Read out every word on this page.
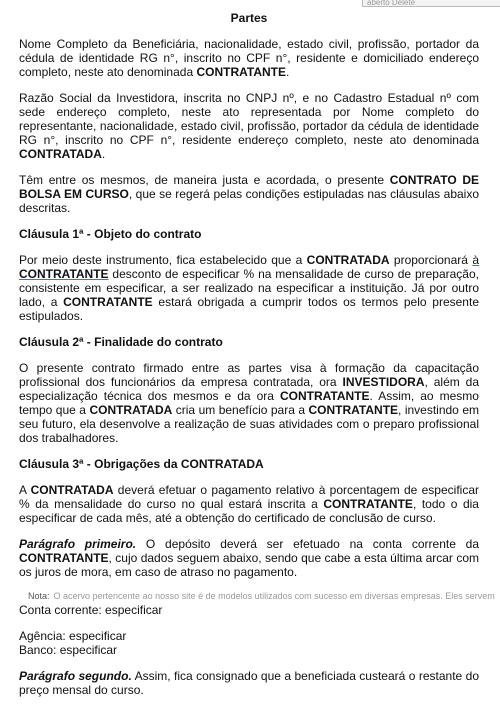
aberto Delete
Partes

Nome Completo da Beneficiária, nacionalidade, estado civil, profissão, portador da cédula de identidade RG n°, inscrito no CPF n°, residente e domiciliado endereço completo, neste ato denominada CONTRATANTE.

Razão Social da Investidora, inscrita no CNPJ nº, e no Cadastro Estadual nº com sede endereço completo, neste ato representada por Nome completo do representante, nacionalidade, estado civil, profissão, portador da cédula de identidade RG n°, inscrito no CPF n°, residente endereço completo, neste ato denominada CONTRATADA.

Têm entre os mesmos, de maneira justa e acordada, o presente CONTRATO DE BOLSA EM CURSO, que se regerá pelas condições estipuladas nas cláusulas abaixo descritas.

Cláusula 1ª - Objeto do contrato

Por meio deste instrumento, fica estabelecido que a CONTRATADA proporcionará à CONTRATANTE desconto de especificar % na mensalidade de curso de preparação, consistente em especificar, a ser realizado na especificar a instituição. Já por outro lado, a CONTRATANTE estará obrigada a cumprir todos os termos pelo presente estipulados.

Cláusula 2ª - Finalidade do contrato

O presente contrato firmado entre as partes visa à formação da capacitação profissional dos funcionários da empresa contratada, ora INVESTIDORA, além da especialização técnica dos mesmos e da ora CONTRATANTE. Assim, ao mesmo tempo que a CONTRATADA cria um benefício para a CONTRATANTE, investindo em seu futuro, ela desenvolve a realização de suas atividades com o preparo profissional dos trabalhadores.

Cláusula 3ª - Obrigações da CONTRATADA

A CONTRATADA deverá efetuar o pagamento relativo à porcentagem de especificar % da mensalidade do curso no qual estará inscrita a CONTRATANTE, todo o dia especificar de cada mês, até a obtenção do certificado de conclusão de curso.

Parágrafo primeiro. O depósito deverá ser efetuado na conta corrente da CONTRATANTE, cujo dados seguem abaixo, sendo que cabe a esta última arcar com os juros de mora, em caso de atraso no pagamento.

Conta corrente: especificar

Agência: especificar

Banco: especificar

Parágrafo segundo. Assim, fica consignado que a beneficiada custeará o restante do preço mensal do curso.

Nota: O acervo pertencente ao nosso site é de modelos utilizados com sucesso em diversas empresas. Eles servem
